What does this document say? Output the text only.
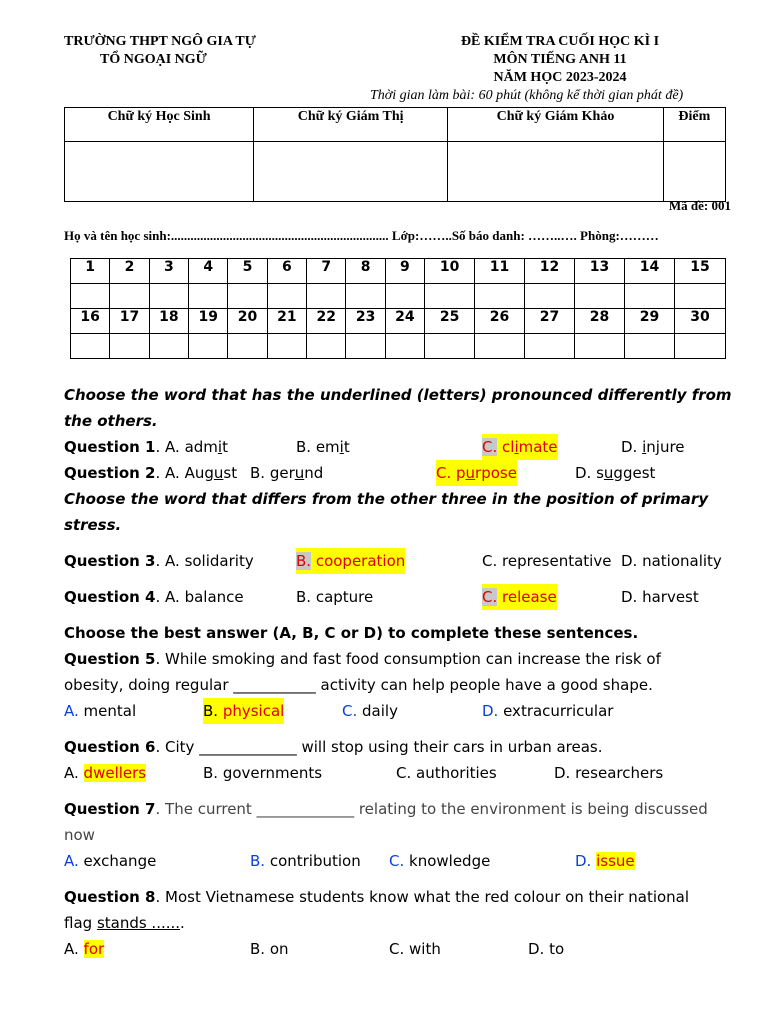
TRƯỜNG THPT NGÔ GIA TỰ
TỔ NGOẠI NGỮ
ĐỀ KIỂM TRA CUỐI HỌC KÌ I
MÔN TIẾNG ANH 11
NĂM HỌC 2023-2024
Thời gian làm bài: 60 phút (không kể thời gian phát đề)
Chữ ký Học Sinh	Chữ ký Giám Thị	Chữ ký Giám Khảo	Điểm

Mã đề: 001
Họ và tên học sinh:................................................................... Lớp:……..Số báo danh: ……..…. Phòng:………
1	2	3	4	5	6	7	8	9	10	11	12	13	14	15

16	17	18	19	20	21	22	23	24	25	26	27	28	29	30

Choose the word that has the underlined (letters) pronounced differently from the others.
Question 1. A. admit	B. emit	C. climate	D. injure
Question 2. A. August B. gerund	C. purpose	D. suggest
Choose the word that differs from the other three in the position of primary stress.
Question 3. A. solidarity	B. cooperation	C. representative D. nationality
Question 4. A. balance	B. capture	C. release	D. harvest
Choose the best answer (A, B, C or D) to complete these sentences.
Question 5. While smoking and fast food consumption can increase the risk of
obesity, doing regular ___________ activity can help people have a good shape.
A. mental	B. physical	C. daily	D. extracurricular
Question 6. City _____________ will stop using their cars in urban areas.
A. dwellers	B. governments	C. authorities	D. researchers
Question 7. The current _____________ relating to the environment is being discussed
now
A. exchange	B. contribution C. knowledge	D. issue
Question 8. Most Vietnamese students know what the red colour on their national
flag stands .......
A. for	B. on	C. with	D. to
